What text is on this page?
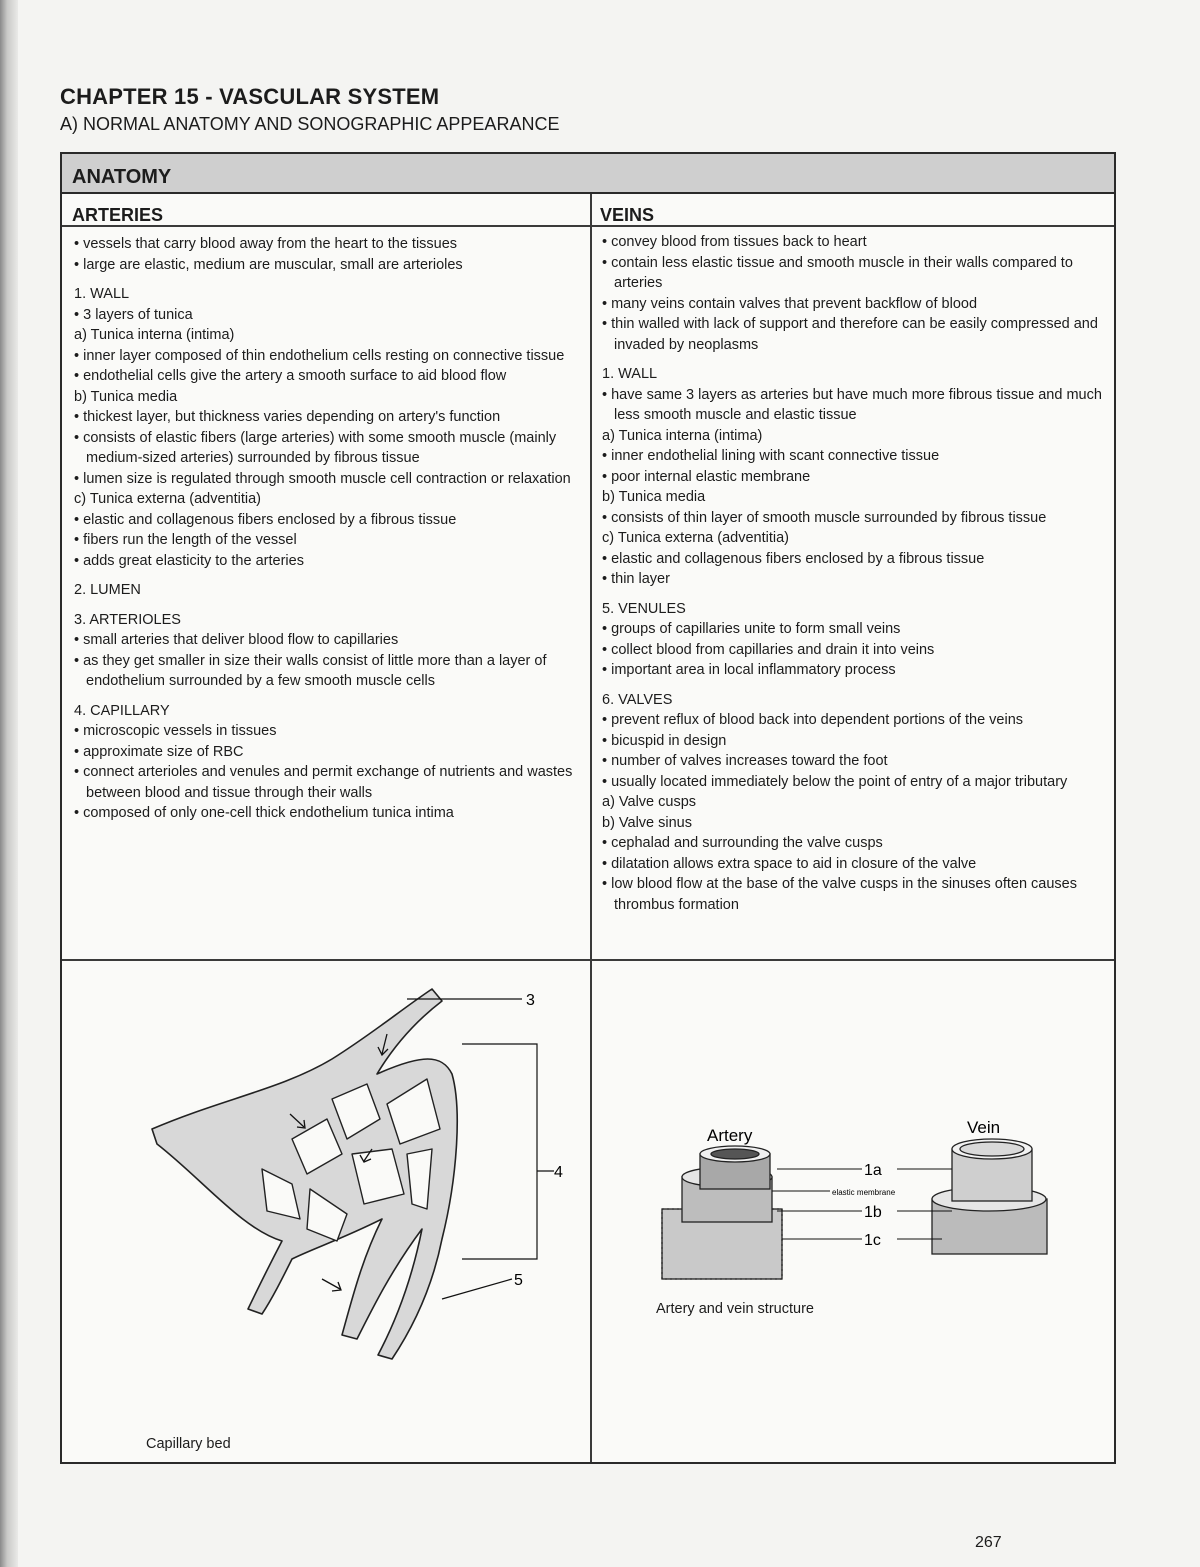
CHAPTER 15 - VASCULAR SYSTEM
A) NORMAL ANATOMY AND SONOGRAPHIC APPEARANCE
ANATOMY
ARTERIES	VEINS

• vessels that carry blood away from the heart to the tissues

• large are elastic, medium are muscular, small are arterioles

1. WALL

• 3 layers of tunica

a) Tunica interna (intima)

• inner layer composed of thin endothelium cells resting on connective tissue

• endothelial cells give the artery a smooth surface to aid blood flow

b) Tunica media

• thickest layer, but thickness varies depending on artery's function

• consists of elastic fibers (large arteries) with some smooth muscle (mainly medium-sized arteries) surrounded by fibrous tissue

• lumen size is regulated through smooth muscle cell contraction or relaxation

c) Tunica externa (adventitia)

• elastic and collagenous fibers enclosed by a fibrous tissue

• fibers run the length of the vessel

• adds great elasticity to the arteries

2. LUMEN

3. ARTERIOLES

• small arteries that deliver blood flow to capillaries

• as they get smaller in size their walls consist of little more than a layer of endothelium surrounded by a few smooth muscle cells

4. CAPILLARY

• microscopic vessels in tissues

• approximate size of RBC

• connect arterioles and venules and permit exchange of nutrients and wastes between blood and tissue through their walls

• composed of only one-cell thick endothelium tunica intima

• convey blood from tissues back to heart

• contain less elastic tissue and smooth muscle in their walls compared to arteries

• many veins contain valves that prevent backflow of blood

• thin walled with lack of support and therefore can be easily compressed and invaded by neoplasms

1. WALL

• have same 3 layers as arteries but have much more fibrous tissue and much less smooth muscle and elastic tissue

a) Tunica interna (intima)

• inner endothelial lining with scant connective tissue

• poor internal elastic membrane

b) Tunica media

• consists of thin layer of smooth muscle surrounded by fibrous tissue

c) Tunica externa (adventitia)

• elastic and collagenous fibers enclosed by a fibrous tissue

• thin layer

5. VENULES

• groups of capillaries unite to form small veins

• collect blood from capillaries and drain it into veins

• important area in local inflammatory process

6. VALVES

• prevent reflux of blood back into dependent portions of the veins

• bicuspid in design

• number of valves increases toward the foot

• usually located immediately below the point of entry of a major tributary

a) Valve cusps

b) Valve sinus

• cephalad and surrounding the valve cusps

• dilatation allows extra space to aid in closure of the valve

• low blood flow at the base of the valve cusps in the sinuses often causes thrombus formation

3
4
5
Capillary bed
Artery	Vein
1a
elastic membrane
1b
1c
Artery and vein structure
267
